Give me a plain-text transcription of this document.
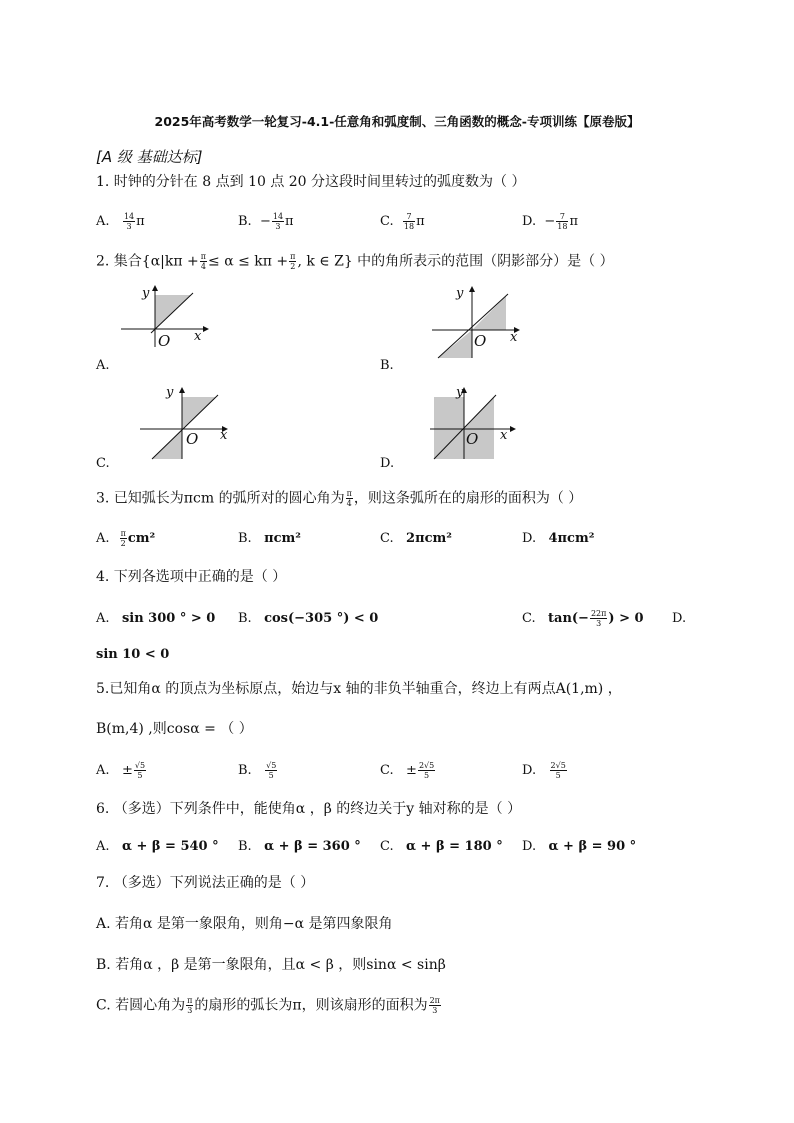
2025年高考数学一轮复习-4.1-任意角和弧度制、三角函数的概念-专项训练【原卷版】
[A 级 基础达标]
1. 时钟的分针在 8 点到 10 点 20 分这段时间里转过的弧度数为（ ）
A. $\frac{14}{3}$ π	B. − $\frac{14}{3}$ π	C. $\frac{7}{18}$ π	D. − $\frac{7}{18}$ π
2. 集合{$\alpha|k\pi + \frac{\pi}{4} \le \alpha \le k\pi + \frac{\pi}{2}$ , k ∈ Z} 中的角所表示的范围（阴影部分）是（ ）
y
x
O
A.
y
x
O
B.
y
x
O
C.
y
x
O
D.
3. 已知弧长为πcm 的弧所对的圆心角为 $\frac{\pi}{4}$ ，则这条弧所在的扇形的面积为（ ）
A. $\frac{\pi}{2} cm^2$	B. πcm²	C. 2πcm²	D. 4πcm²
4. 下列各选项中正确的是（ ）
A. sin 300 ° > 0 B. cos(−305 °) < 0	C. $\tan(- \frac{22\pi}{3}$ ) > 0 D.
sin 10 < 0
5.已知角α 的顶点为坐标原点，始边与x 轴的非负半轴重合，终边上有两点A(1,m) ，
B(m,4) ,则cosα = （ ）
A. ± $\frac{√5}{5}$	B. $\frac{√5}{5}$	C. ± $\frac{2√5}{5}$	D. $\frac{2√5}{5}$
6. （多选）下列条件中，能使角α ，β 的终边关于y 轴对称的是（ ）
A. α + β = 540 ° B. α + β = 360 ° C. α + β = 180 ° D. α + β = 90 °
7. （多选）下列说法正确的是（ ）
A. 若角α 是第一象限角，则角−α 是第四象限角
B. 若角α ，β 是第一象限角，且α < β ，则sinα < sinβ
C. 若圆心角为 $\frac{\pi}{3}$ 的扇形的弧长为π，则该扇形的面积为 $\frac{2\pi}{3}$
